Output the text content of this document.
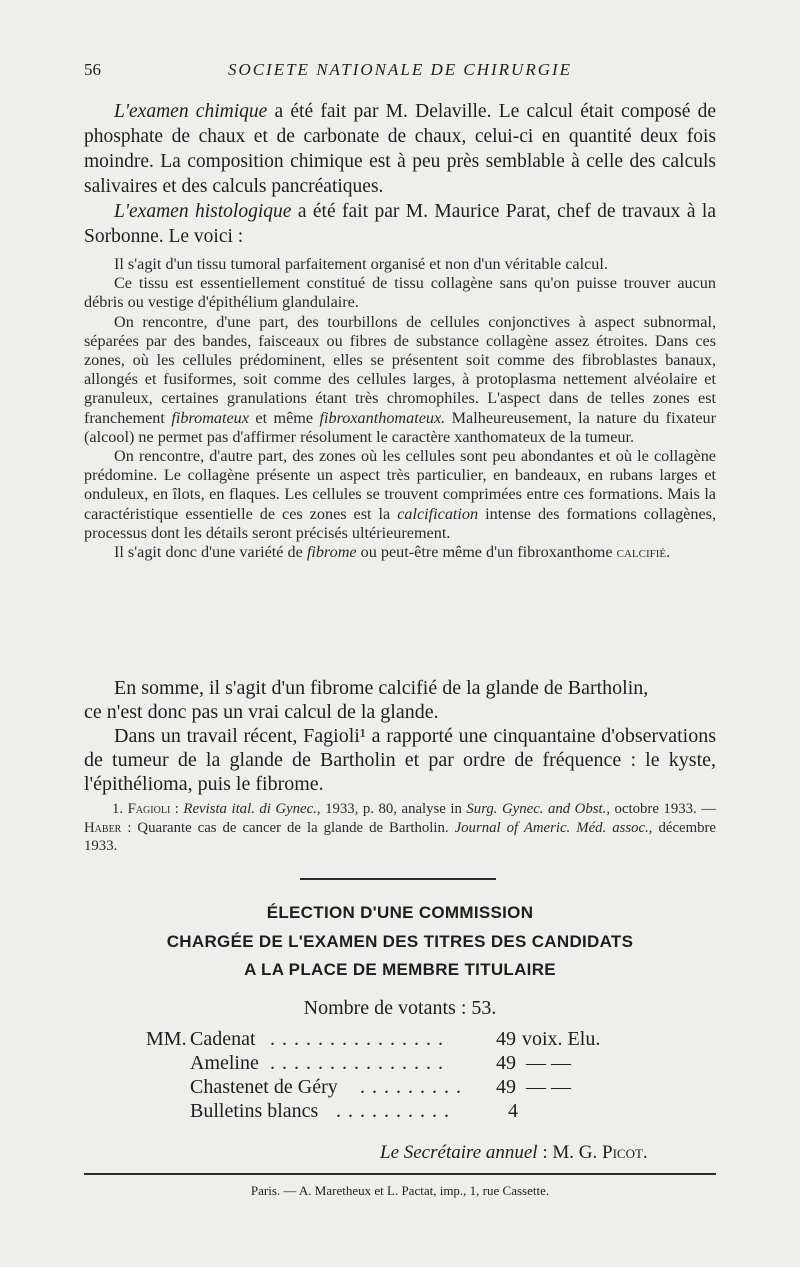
56	SOCIETE NATIONALE DE CHIRURGIE

L'examen chimique a été fait par M. Delaville. Le calcul était composé de phosphate de chaux et de carbonate de chaux, celui-ci en quantité deux fois moindre. La composition chimique est à peu près semblable à celle des calculs salivaires et des calculs pancréatiques.

L'examen histologique a été fait par M. Maurice Parat, chef de travaux à la Sorbonne. Le voici :

Il s'agit d'un tissu tumoral parfaitement organisé et non d'un véritable calcul.

Ce tissu est essentiellement constitué de tissu collagène sans qu'on puisse trouver aucun débris ou vestige d'épithélium glandulaire.

On rencontre, d'une part, des tourbillons de cellules conjonctives à aspect subnormal, séparées par des bandes, faisceaux ou fibres de substance collagène assez étroites. Dans ces zones, où les cellules prédominent, elles se présentent soit comme des fibroblastes banaux, allongés et fusiformes, soit comme des cellules larges, à protoplasma nettement alvéolaire et granuleux, certaines granulations étant très chromophiles. L'aspect dans de telles zones est franchement fibromateux et même fibroxanthomateux. Malheureusement, la nature du fixateur (alcool) ne permet pas d'affirmer résolument le caractère xanthomateux de la tumeur.

On rencontre, d'autre part, des zones où les cellules sont peu abondantes et où le collagène prédomine. Le collagène présente un aspect très particulier, en bandeaux, en rubans larges et onduleux, en îlots, en flaques. Les cellules se trouvent comprimées entre ces formations. Mais la caractéristique essentielle de ces zones est la calcification intense des formations collagènes, processus dont les détails seront précisés ultérieurement.

Il s'agit donc d'une variété de fibrome ou peut-être même d'un fibroxanthome calcifié.

En somme, il s'agit d'un fibrome calcifié de la glande de Bartholin,

ce n'est donc pas un vrai calcul de la glande.

Dans un travail récent, Fagioli¹ a rapporté une cinquantaine d'observations de tumeur de la glande de Bartholin et par ordre de fréquence : le kyste, l'épithélioma, puis le fibrome.

1. Fagioli : Revista ital. di Gynec., 1933, p. 80, analyse in Surg. Gynec. and Obst., octobre 1933. — Haber : Quarante cas de cancer de la glande de Bartholin. Journal of Americ. Méd. assoc., décembre 1933.

ÉLECTION D'UNE COMMISSION
CHARGÉE DE L'EXAMEN DES TITRES DES CANDIDATS
A LA PLACE DE MEMBRE TITULAIRE
Nombre de votants : 53.
MM. Cadenat . . . . . . . . . . . . . . .	49 voix. Elu.
Ameline . . . . . . . . . . . . . . .	49 — —
Chastenet de Géry . . . . . . . . . 49 — —
Bulletins blancs . . . . . . . . . .	4
Le Secrétaire annuel : M. G. Picot.
Paris. — A. Maretheux et L. Pactat, imp., 1, rue Cassette.
